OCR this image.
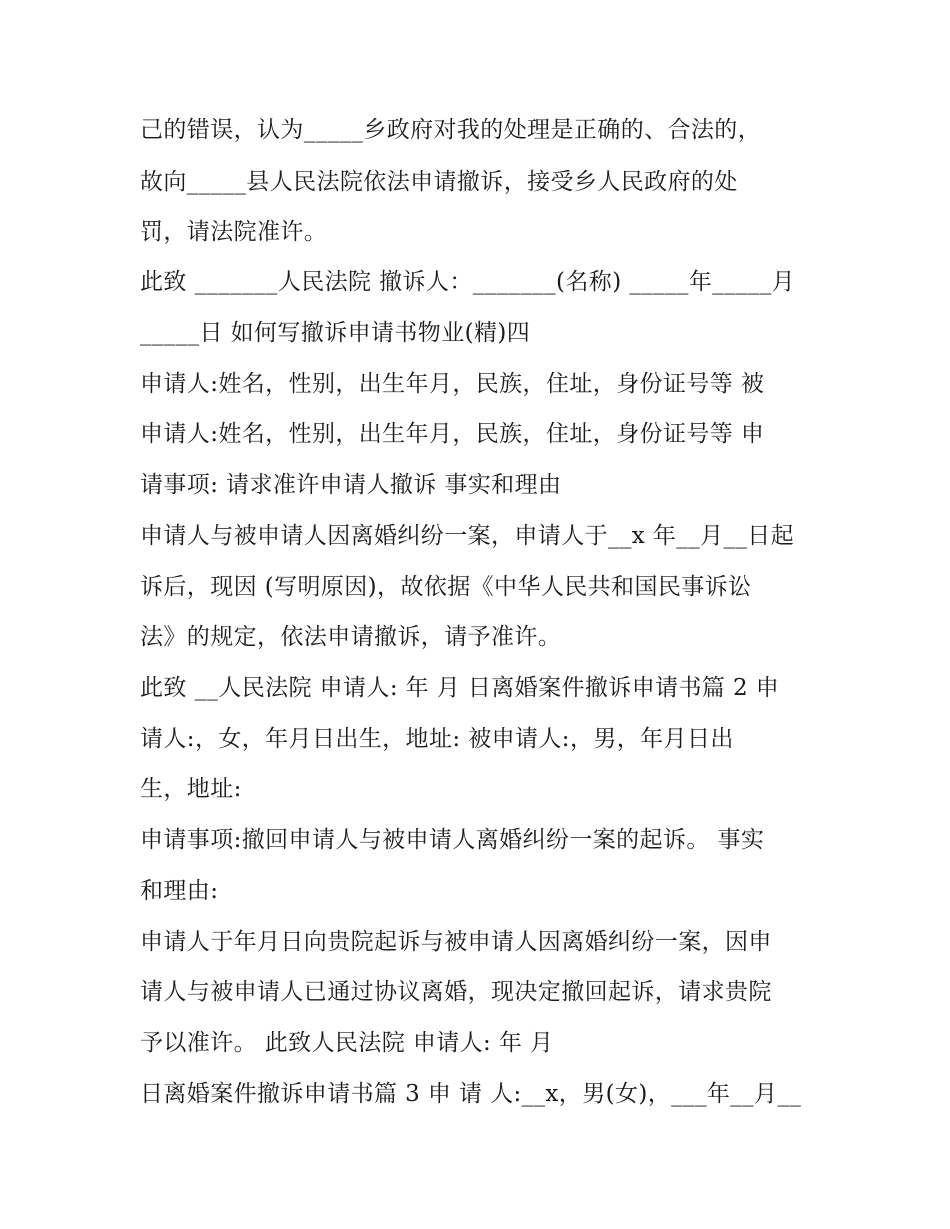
己的错误，认为_____乡政府对我的处理是正确的、合法的，
故向_____县人民法院依法申请撤诉，接受乡人民政府的处
罚，请法院准许。
此致 _______人民法院 撤诉人：_______(名称) _____年_____月
_____日 如何写撤诉申请书物业(精)四
申请人:姓名，性别，出生年月，民族，住址，身份证号等 被
申请人:姓名，性别，出生年月，民族，住址，身份证号等 申
请事项: 请求准许申请人撤诉 事实和理由
申请人与被申请人因离婚纠纷一案，申请人于__x 年__月__日起
诉后，现因 (写明原因)，故依据《中华人民共和国民事诉讼
法》的规定，依法申请撤诉，请予准许。
此致 __人民法院 申请人: 年 月 日离婚案件撤诉申请书篇 2 申
请人:，女，年月日出生，地址: 被申请人:，男，年月日出
生，地址:
申请事项:撤回申请人与被申请人离婚纠纷一案的起诉。 事实
和理由:
申请人于年月日向贵院起诉与被申请人因离婚纠纷一案，因申
请人与被申请人已通过协议离婚，现决定撤回起诉，请求贵院
予以准许。 此致人民法院 申请人: 年 月
日离婚案件撤诉申请书篇 3 申 请 人:__x，男(女)，___年__月__
